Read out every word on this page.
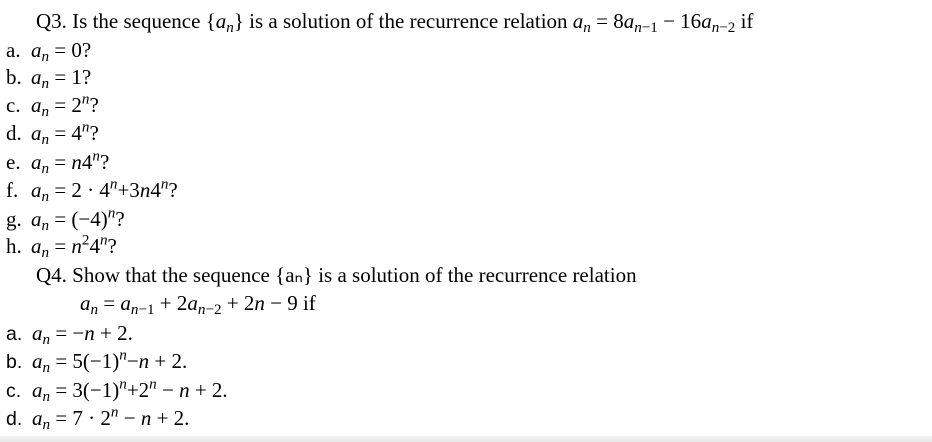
Q3. Is the sequence $\{a_n\}$ is a solution of the recurrence relation $a_n = 8a_{n-1} - 16a_{n-2}$ if
a. $a_n = 0$?
b. $a_n = 1$?
c. $a_n = 2^n$?
d. $a_n = 4^n$?
e. $a_n = n4^n$?
f. $a_n = 2 \cdot 4^n+3n4^n$?
g. $a_n = (-4)^n$?
h. $a_n = n^24^n$?
Q4. Show that the sequence {aₙ} is a solution of the recurrence relation
$a_n = a_{n-1} + 2a_{n-2} + 2n - 9$ if
a. $a_n = -n + 2$.
b. $a_n = 5(-1)^n-n + 2$.
c. $a_n = 3(-1)^n+2^n - n + 2$.
d. $a_n = 7 \cdot 2^n - n + 2$.
